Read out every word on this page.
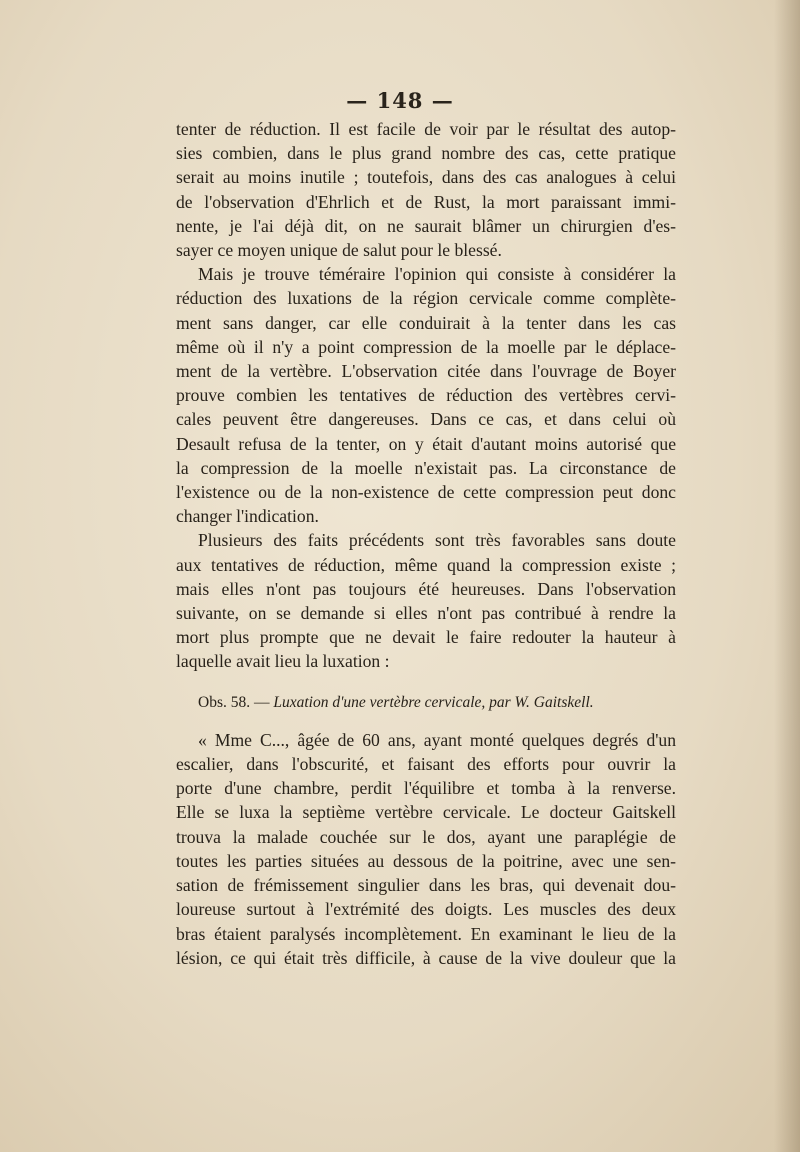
— 148 —
tenter de réduction. Il est facile de voir par le résultat des autop-
sies combien, dans le plus grand nombre des cas, cette pratique
serait au moins inutile ; toutefois, dans des cas analogues à celui
de l'observation d'Ehrlich et de Rust, la mort paraissant immi-
nente, je l'ai déjà dit, on ne saurait blâmer un chirurgien d'es-
sayer ce moyen unique de salut pour le blessé.
Mais je trouve téméraire l'opinion qui consiste à considérer la
réduction des luxations de la région cervicale comme complète-
ment sans danger, car elle conduirait à la tenter dans les cas
même où il n'y a point compression de la moelle par le déplace-
ment de la vertèbre. L'observation citée dans l'ouvrage de Boyer
prouve combien les tentatives de réduction des vertèbres cervi-
cales peuvent être dangereuses. Dans ce cas, et dans celui où
Desault refusa de la tenter, on y était d'autant moins autorisé que
la compression de la moelle n'existait pas. La circonstance de
l'existence ou de la non-existence de cette compression peut donc
changer l'indication.
Plusieurs des faits précédents sont très favorables sans doute
aux tentatives de réduction, même quand la compression existe ;
mais elles n'ont pas toujours été heureuses. Dans l'observation
suivante, on se demande si elles n'ont pas contribué à rendre la
mort plus prompte que ne devait le faire redouter la hauteur à
laquelle avait lieu la luxation :
Obs. 58. — Luxation d'une vertèbre cervicale, par W. Gaitskell.
« Mme C..., âgée de 60 ans, ayant monté quelques degrés d'un
escalier, dans l'obscurité, et faisant des efforts pour ouvrir la
porte d'une chambre, perdit l'équilibre et tomba à la renverse.
Elle se luxa la septième vertèbre cervicale. Le docteur Gaitskell
trouva la malade couchée sur le dos, ayant une paraplégie de
toutes les parties situées au dessous de la poitrine, avec une sen-
sation de frémissement singulier dans les bras, qui devenait dou-
loureuse surtout à l'extrémité des doigts. Les muscles des deux
bras étaient paralysés incomplètement. En examinant le lieu de la
lésion, ce qui était très difficile, à cause de la vive douleur que la
